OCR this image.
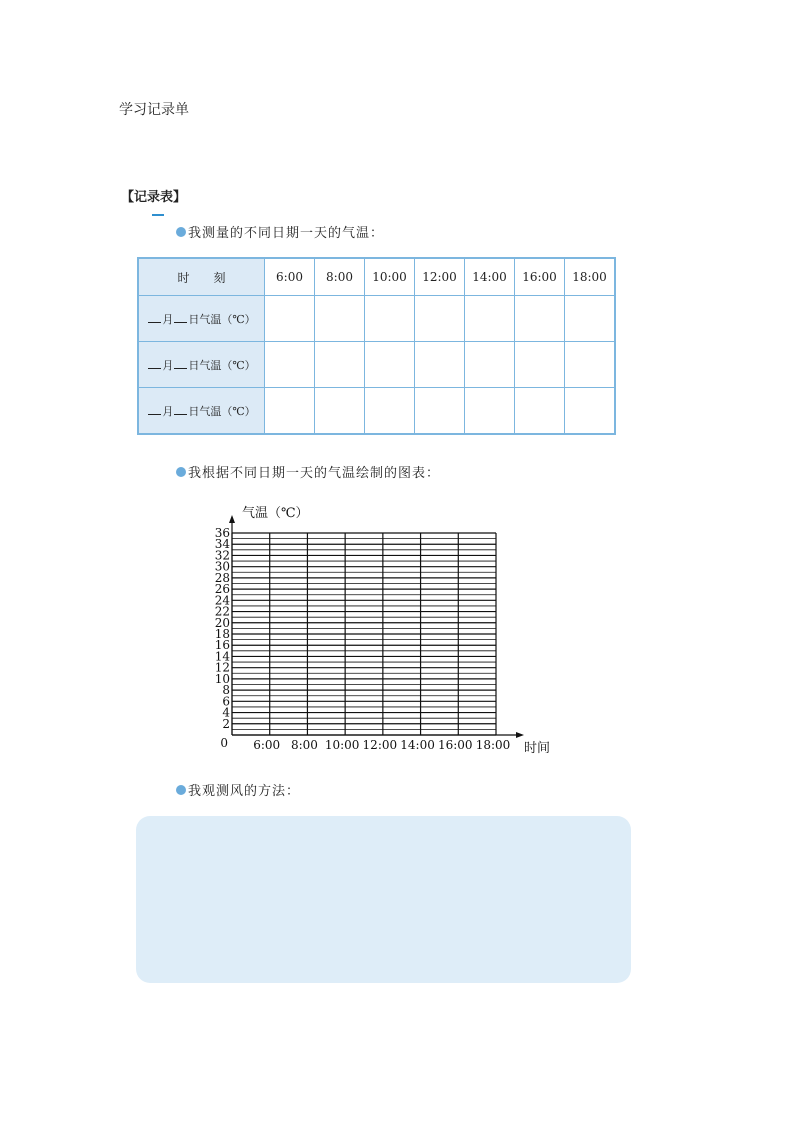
学习记录单
【记录表】
我测量的不同日期一天的气温：
时　　刻	6:00	8:00	10:00	12:00	14:00	16:00	18:00
月 日气温（℃）							
月 日气温（℃）							
月 日气温（℃）							
我根据不同日期一天的气温绘制的图表：
2
4
6
8
10
12
14
16
18
20
22
24
26
28
30
32
34
36
0 6:00 8:00 10:00 12:00 14:00 16:00 18:00
气温（℃）
时间
我观测风的方法：
